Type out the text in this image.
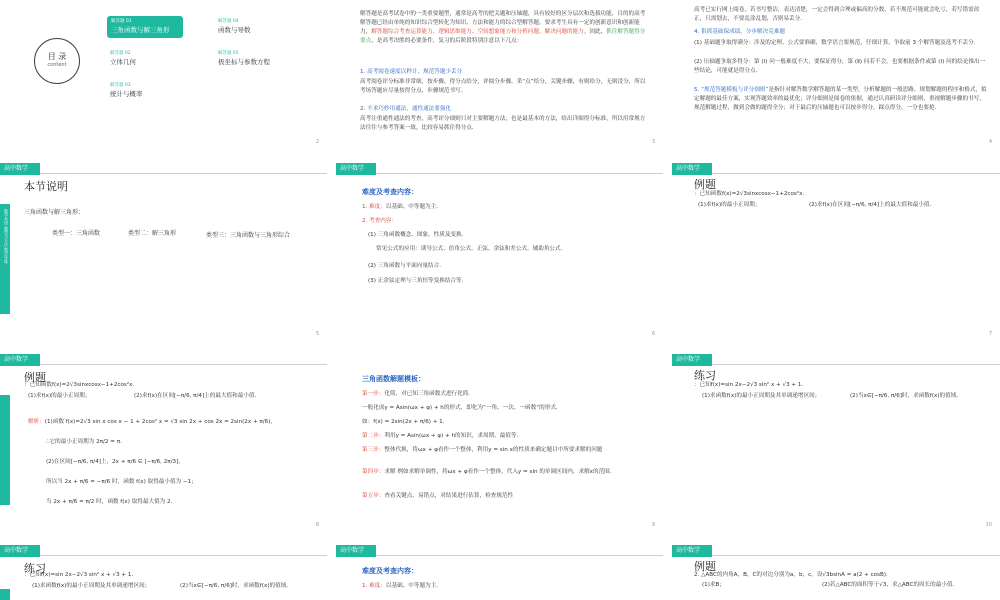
目 录
content
解答题 01
三角函数与解三角形
解答题 04
函数与导数
解答题 02
立体几何
解答题 05
极坐标与参数方程
解答题 03
统计与概率
2
解答题是高考试卷中的一类重要题型，通常是高考的把关题和压轴题，具有较好的区分层次和选拔功能，目的的高考解答题已经由单纯的知识综合型转化为知识、方法和能力的综合型解答题。要求考生具有一定的创新意识和创新能力，解答题综合考查运算能力、逻辑思维能力、空间想象能力和分析问题、解决问题的能力。因此，抓住解答题得分要点，是高考决胜的必要条件，复习的后阶段特别注意以下几点：
1. 高考阅卷速度以秒计，规范答题少丢分
高考阅卷评分标准非常细，按步骤、得分点给分，评阅分步骤、采“点”给分，关键步骤，有则给分，无则没分，所以考场答题应尽量按得分点、步骤规范书写。
2. 不求巧妙用通法，通性通法要强化
高考注重通性通法的考查，高考评分细则只对主要解题方法，也是最基本的方法，给出详细得分标准，所以用常规方法往往与参考答案一致，比较容易抓住得分点．
3
高考已实行网上阅卷，若书写整洁，表达清楚，一定会得到合理或偏高的分数，若不规范可能就会吃亏，若写错需改正，只需划去，不要乱涂乱划，否则易丢分．
4. 狠抓基础保成绩，分步解决克难题
(1) 基础题争取得满分：涉及的定理、公式要准确，数学语言要规范，仔细计算，争取前 3 个解答题及选考不丢分．
(2) 压轴题争取多得分：第 (Ⅰ) 问一般难度不大，要保证得分，第 (Ⅱ) 问若不会，也要根据条件或第 (Ⅰ) 问的结论推出一些结论，可能就是得分点．
5. “规范答题模板与评分细则”是指针对解答数学解答题的某一类型，分析解题的一般思路，规划解题的程序和格式，拟定解题的最佳方案，实现答题效率的最优化；评分细则是阅卷的依据，通过认真研读评分细则，重视解题步骤的书写，规范解题过程，做到会做的题得全分；对于最后的压轴题也可以按步得分，踩点得分，一分也要抢．
4
高中数学
数学术语 题型与方法 数学导练
本节说明
三角函数与解三角形：
类型一：三角函数	类型二：解三角形	类型三：三角函数与三角形综合
5
高中数学
难度及考查内容：
1. 难度：以基础、中等题为主．
2. 考查内容：
(1) 三角函数概念、图象、性质及变换．
常见公式的应用：诱导公式、倍角公式、正弦、余弦和差公式、辅助角公式．
(2) 三角函数与平面向量结合．
(3) 正余弦定理与三角恒等变换结合等．
6
高中数学
例题
：已知函数f(x)=2√3sinxcosx−1+2cos²x.
(1)求f(x)的最小正周期；	(2)求f(x)在区间[−π/6, π/4]上的最大值和最小值．
7
高中数学
例题
：已知函数f(x)=2√3sinxcosx−1+2cos²x.
(1)求f(x)的最小正周期；	(2)求f(x)在区间[−π/6, π/4]上的最大值和最小值．
解析：(1)函数 f(x)=2√3 sin x cos x − 1 + 2cos² x = √3 sin 2x + cos 2x = 2sin(2x + π/6)，
∴它的最小正周期为 2π/2 = π．
(2)在区间[−π/6, π/4]上，2x + π/6 ∈ [−π/6, 2π/3]，
所以当 2x + π/6 = −π/6 时，函数 f(x) 取得最小值为 −1；
当 2x + π/6 = π/2 时，函数 f(x) 取得最大值为 2．
8
三角函数解题模板：
第一步：化简，对已知三角函数式进行化简．
一般化成y = Asin(ωx + φ) + h的形式，即化为“一角、一次、一函数”的形式．
如：f(x) = 2sin(2x + π/6) + 1.
第二步：利用y = Asin(ωx + φ) + h的知识，求周期、最值等．
第三步：整体代换，将ωx + φ看作一个整体，利用y = sin x的性质来确定题目中所要求解的问题
第四步：求解 例如求解单调性，将ωx + φ看作一个整体，代入y = sin 的单调区间内，求解x的范围．
第五步：查看关键点、易错点，对结果进行估算，检查规范性
9
高中数学
练习
：已知f(x)=sin 2x−2√3 sin² x + √3 + 1.
(1)求函数f(x)的最小正周期及其单调递增区间；	(2)当x∈[−π/6, π/6]时，求函数f(x)的值域．
10
高中数学
练习
：已知f(x)=sin 2x−2√3 sin² x + √3 + 1.
(1)求函数f(x)的最小正周期及其单调递增区间；	(2)当x∈[−π/6, π/6]时，求函数f(x)的值域．
高中数学
难度及考查内容：
1. 难度：以基础、中等题为主．
高中数学
例题
2. △ABC的内角A，B，C的对边分别为a，b，c，设√3bsinA = a(2 + cosB).
(1)求B；	(2)若△ABC的面积等于√3，求△ABC的周长的最小值．
